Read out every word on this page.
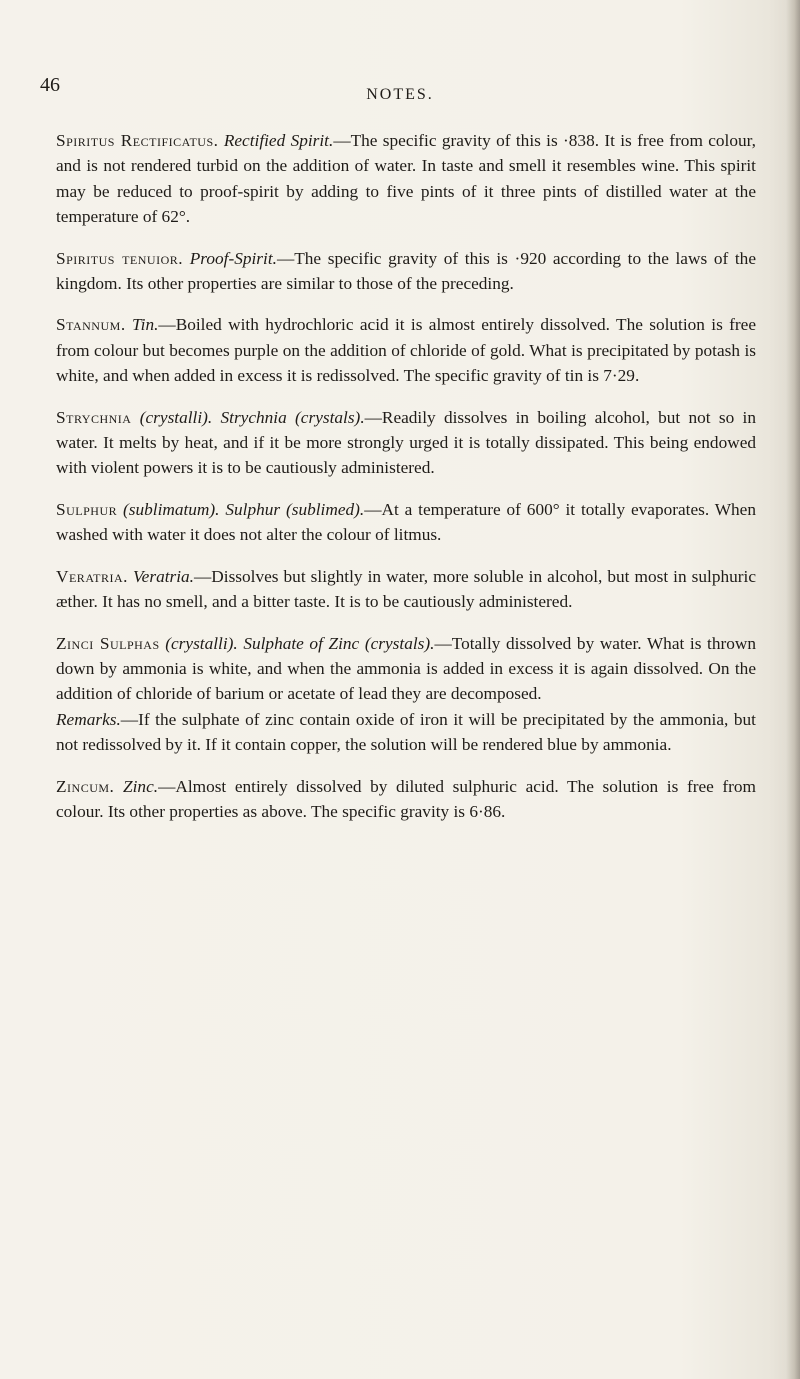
46	NOTES.

Spiritus Rectificatus. Rectified Spirit.—The specific gravity of this is ·838. It is free from colour, and is not rendered turbid on the addition of water. In taste and smell it resembles wine. This spirit may be reduced to proof-spirit by adding to five pints of it three pints of distilled water at the temperature of 62°.

Spiritus tenuior. Proof-Spirit.—The specific gravity of this is ·920 according to the laws of the kingdom. Its other properties are similar to those of the preceding.

Stannum. Tin.—Boiled with hydrochloric acid it is almost entirely dissolved. The solution is free from colour but becomes purple on the addition of chloride of gold. What is precipitated by potash is white, and when added in excess it is redissolved. The specific gravity of tin is 7·29.

Strychnia (crystalli). Strychnia (crystals).—Readily dissolves in boiling alcohol, but not so in water. It melts by heat, and if it be more strongly urged it is totally dissipated. This being endowed with violent powers it is to be cautiously administered.

Sulphur (sublimatum). Sulphur (sublimed).—At a temperature of 600° it totally evaporates. When washed with water it does not alter the colour of litmus.

Veratria. Veratria.—Dissolves but slightly in water, more soluble in alcohol, but most in sulphuric æther. It has no smell, and a bitter taste. It is to be cautiously administered.

Zinci Sulphas (crystalli). Sulphate of Zinc (crystals).—Totally dissolved by water. What is thrown down by ammonia is white, and when the ammonia is added in excess it is again dissolved. On the addition of chloride of barium or acetate of lead they are decomposed.

Remarks.—If the sulphate of zinc contain oxide of iron it will be precipitated by the ammonia, but not redissolved by it. If it contain copper, the solution will be rendered blue by ammonia.

Zincum. Zinc.—Almost entirely dissolved by diluted sulphuric acid. The solution is free from colour. Its other properties as above. The specific gravity is 6·86.
